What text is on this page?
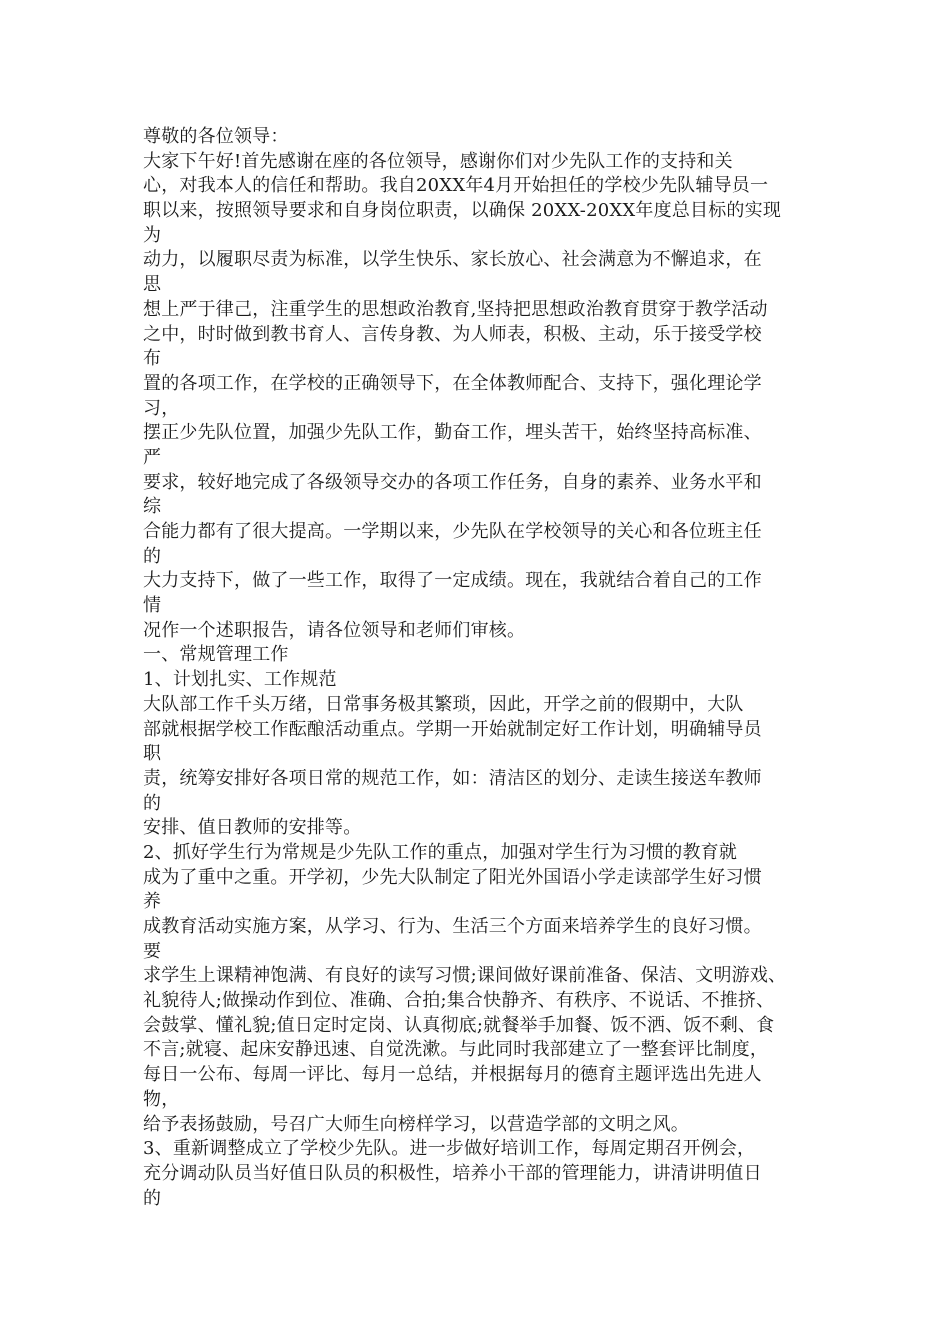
尊敬的各位领导：
大家下午好!首先感谢在座的各位领导，感谢你们对少先队工作的支持和关
心，对我本人的信任和帮助。我自20XX年4月开始担任的学校少先队辅导员一
职以来，按照领导要求和自身岗位职责，以确保 20XX-20XX年度总目标的实现
为
动力，以履职尽责为标准，以学生快乐、家长放心、社会满意为不懈追求，在
思
想上严于律己，注重学生的思想政治教育,坚持把思想政治教育贯穿于教学活动
之中，时时做到教书育人、言传身教、为人师表，积极、主动，乐于接受学校
布
置的各项工作，在学校的正确领导下，在全体教师配合、支持下，强化理论学
习，
摆正少先队位置，加强少先队工作，勤奋工作，埋头苦干，始终坚持高标准、
严
要求，较好地完成了各级领导交办的各项工作任务，自身的素养、业务水平和
综
合能力都有了很大提高。一学期以来，少先队在学校领导的关心和各位班主任
的
大力支持下，做了一些工作，取得了一定成绩。现在，我就结合着自己的工作
情
况作一个述职报告，请各位领导和老师们审核。
一、常规管理工作
1、计划扎实、工作规范
大队部工作千头万绪，日常事务极其繁琐，因此，开学之前的假期中，大队
部就根据学校工作酝酿活动重点。学期一开始就制定好工作计划，明确辅导员
职
责，统筹安排好各项日常的规范工作，如：清洁区的划分、走读生接送车教师
的
安排、值日教师的安排等。
2、抓好学生行为常规是少先队工作的重点，加强对学生行为习惯的教育就
成为了重中之重。开学初，少先大队制定了阳光外国语小学走读部学生好习惯
养
成教育活动实施方案，从学习、行为、生活三个方面来培养学生的良好习惯。
要
求学生上课精神饱满、有良好的读写习惯;课间做好课前准备、保洁、文明游戏、
礼貌待人;做操动作到位、准确、合拍;集合快静齐、有秩序、不说话、不推挤、
会鼓掌、懂礼貌;值日定时定岗、认真彻底;就餐举手加餐、饭不洒、饭不剩、食
不言;就寝、起床安静迅速、自觉洗漱。与此同时我部建立了一整套评比制度，
每日一公布、每周一评比、每月一总结，并根据每月的德育主题评选出先进人
物，
给予表扬鼓励，号召广大师生向榜样学习，以营造学部的文明之风。
3、重新调整成立了学校少先队。进一步做好培训工作，每周定期召开例会，
充分调动队员当好值日队员的积极性，培养小干部的管理能力，讲清讲明值日
的
